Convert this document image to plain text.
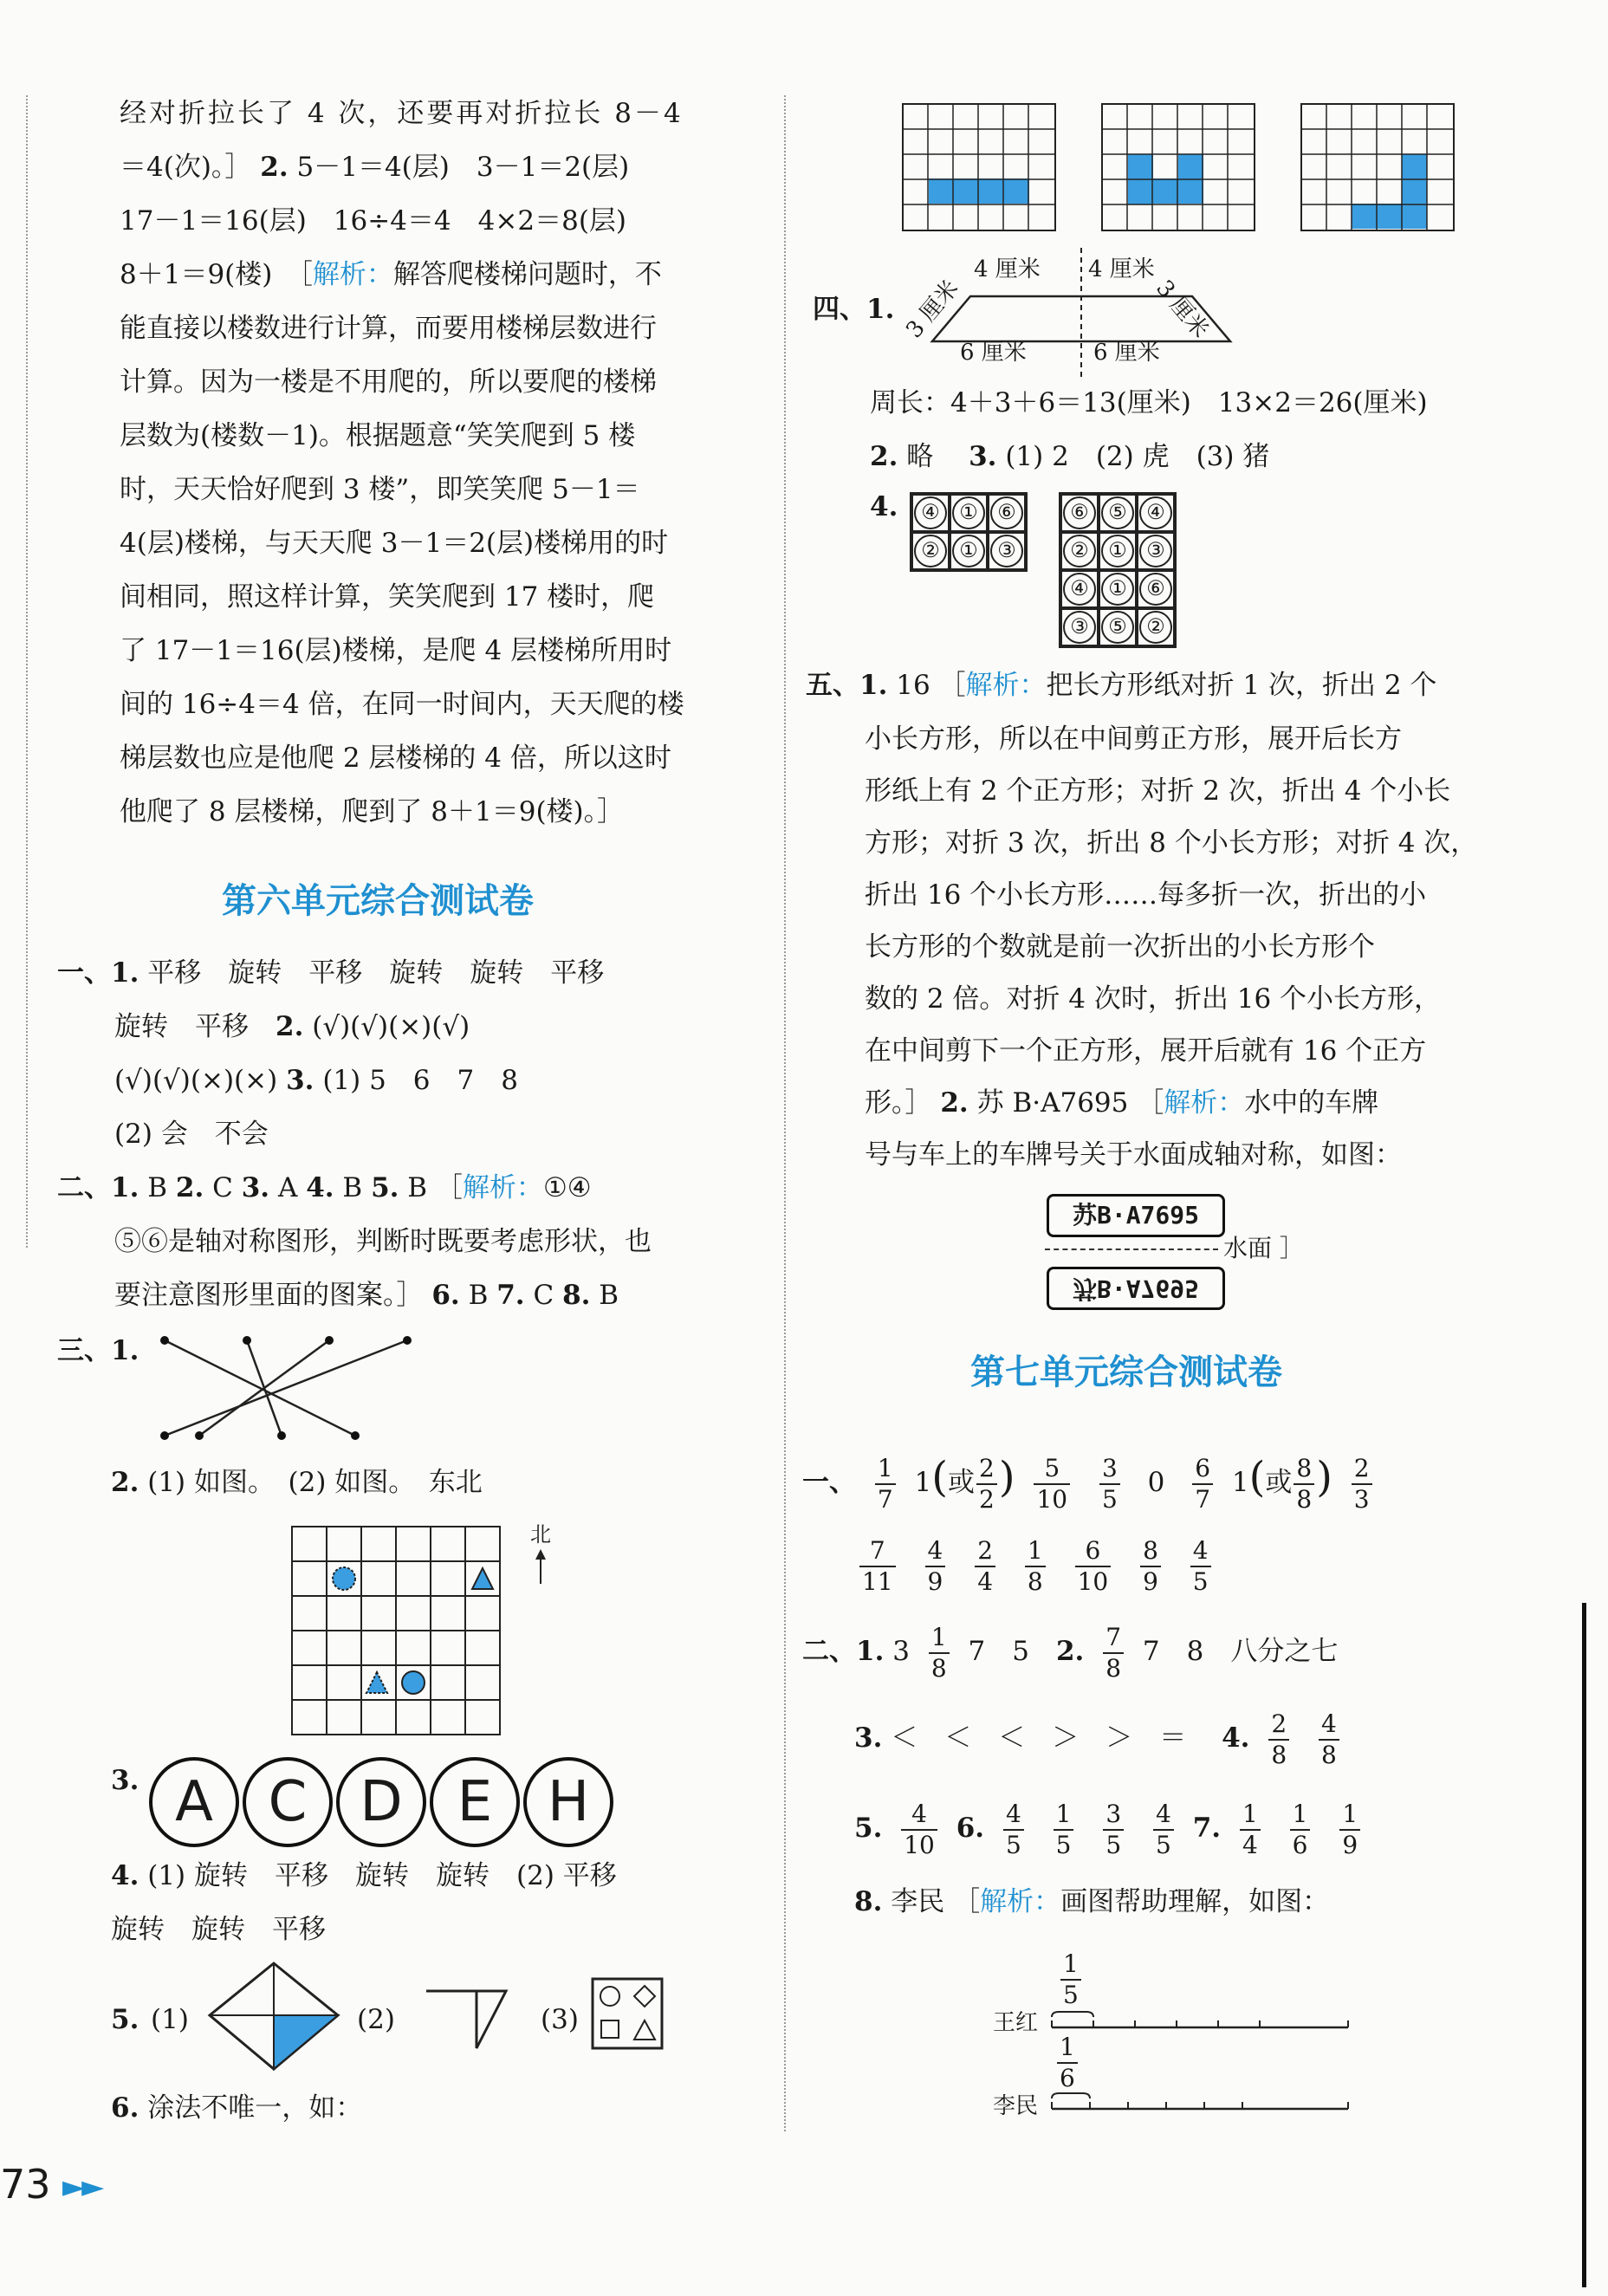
经对折拉长了 4 次，还要再对折拉长 8－4
＝4(次)。］ 2. 5－1＝4(层)　3－1＝2(层)
17－1＝16(层)　16÷4＝4　4×2＝8(层)
8＋1＝9(楼)　［解析：解答爬楼梯问题时，不
能直接以楼数进行计算，而要用楼梯层数进行
计算。因为一楼是不用爬的，所以要爬的楼梯
层数为(楼数－1)。根据题意“笑笑爬到 5 楼
时，天天恰好爬到 3 楼”，即笑笑爬 5－1＝
4(层)楼梯，与天天爬 3－1＝2(层)楼梯用的时
间相同，照这样计算，笑笑爬到 17 楼时，爬
了 17－1＝16(层)楼梯，是爬 4 层楼梯所用时
间的 16÷4＝4 倍，在同一时间内，天天爬的楼
梯层数也应是他爬 2 层楼梯的 4 倍，所以这时
他爬了 8 层楼梯，爬到了 8＋1＝9(楼)。］
第六单元综合测试卷
一、1. 平移　旋转　平移　旋转　旋转　平移
旋转　平移　 2. (√)(√)(×)(√)
(√)(√)(×)(×) 3. (1) 5　6　7　8
(2) 会　不会
二、1. B 2. C 3. A 4. B 5. B ［解析：①④
⑤⑥是轴对称图形，判断时既要考虑形状，也
要注意图形里面的图案。］ 6. B 7. C 8. B
三、1.
2. (1) 如图。　(2) 如图。　东北
北
3. A C D E H
4. (1) 旋转　平移　旋转　旋转　(2) 平移
旋转　旋转　平移
5. (1)	(2)	(3)
6. 涂法不唯一，如：
73 ►►
四、1.
4 厘米 4 厘米
3 厘米	3 厘米
6 厘米	6 厘米
周长：4＋3＋6＝13(厘米)　13×2＝26(厘米)
2. 略　 3. (1) 2　(2) 虎　(3) 猪
4.	④ ① ⑥
② ① ③
⑥ ⑤ ④
② ① ③
④ ① ⑥
③ ⑤ ②
五、1. 16 ［解析：把长方形纸对折 1 次，折出 2 个
小长方形，所以在中间剪正方形，展开后长方
形纸上有 2 个正方形；对折 2 次，折出 4 个小长
方形；对折 3 次，折出 8 个小长方形；对折 4 次，
折出 16 个小长方形……每多折一次，折出的小
长方形的个数就是前一次折出的小长方形个
数的 2 倍。对折 4 次时，折出 16 个小长方形，
在中间剪下一个正方形，展开后就有 16 个正方
形。］ 2. 苏 B·A7695 ［解析：水中的车牌
号与车上的车牌号关于水面成轴对称，如图：
苏B·A7695
水面 ］
苏B·A7695
第七单元综合测试卷
一、 $\frac{1}{7} 1$(或 $\frac{2}{2}$ ) $\frac{5}{10}$
$\frac{3}{5} 0 \frac{6}{7} 1$(或 $\frac{8}{8}$ ) $\frac{2}{3}$
$\frac{7}{11}$
$\frac{4}{9}$
$\frac{2}{4}$
$\frac{1}{8}$
$\frac{6}{10}$
$\frac{8}{9}$
$\frac{4}{5}$
二、1. $3 \frac{1}{8} 7$　5　 2. $\frac{7}{8} 7$　8　八分之七
3. ＜　＜　＜　＞　＞　＝　 4. $\frac{2}{8}$
$\frac{4}{8}$
5. $\frac{4}{10} 6$. $\frac{4}{5}$
$\frac{1}{5}$
$\frac{3}{5}$
$\frac{4}{5} 7$. $\frac{1}{4}$
$\frac{1}{6}$
$\frac{1}{9}$
8. 李民 ［解析：画图帮助理解，如图：
$\frac{1}{5}$
王红
$\frac{1}{6}$
李民
